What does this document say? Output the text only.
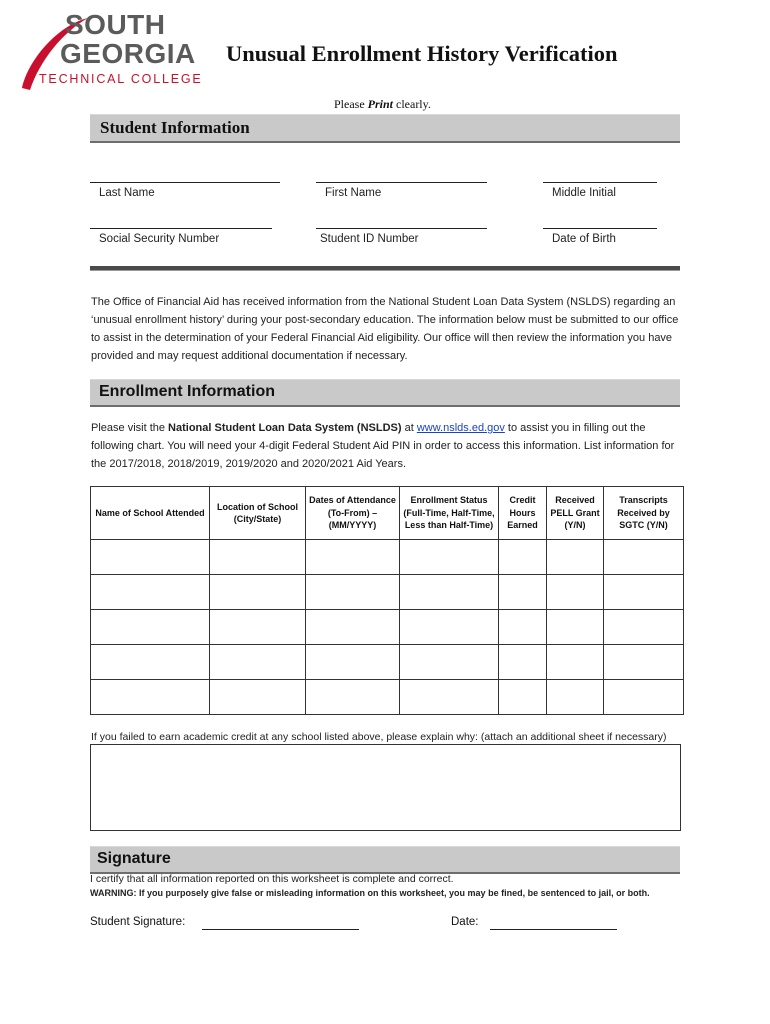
SOUTH
GEORGIA
TECHNICAL COLLEGE
Unusual Enrollment History Verification
Please Print clearly.
Student Information
Last Name	First Name	Middle Initial
Social Security Number	Student ID Number	Date of Birth
The Office of Financial Aid has received information from the National Student Loan Data System (NSLDS) regarding an ‘unusual enrollment history’ during your post-secondary education. The information below must be submitted to our office to assist in the determination of your Federal Financial Aid eligibility. Our office will then review the information you have provided and may request additional documentation if necessary.
Enrollment Information
Please visit the National Student Loan Data System (NSLDS) at www.nslds.ed.gov to assist you in filling out the following chart. You will need your 4-digit Federal Student Aid PIN in order to access this information. List information for the 2017/2018, 2018/2019, 2019/2020 and 2020/2021 Aid Years.
Name of School Attended	Location of School (City/State)	Dates of Attendance (To-From) – (MM/YYYY)	Enrollment Status (Full-Time, Half-Time, Less than Half-Time)	Credit Hours Earned	Received PELL Grant (Y/N)	Transcripts Received by SGTC (Y/N)

If you failed to earn academic credit at any school listed above, please explain why: (attach an additional sheet if necessary)
Signature
I certify that all information reported on this worksheet is complete and correct.
WARNING: If you purposely give false or misleading information on this worksheet, you may be fined, be sentenced to jail, or both.
Student Signature:	Date:
